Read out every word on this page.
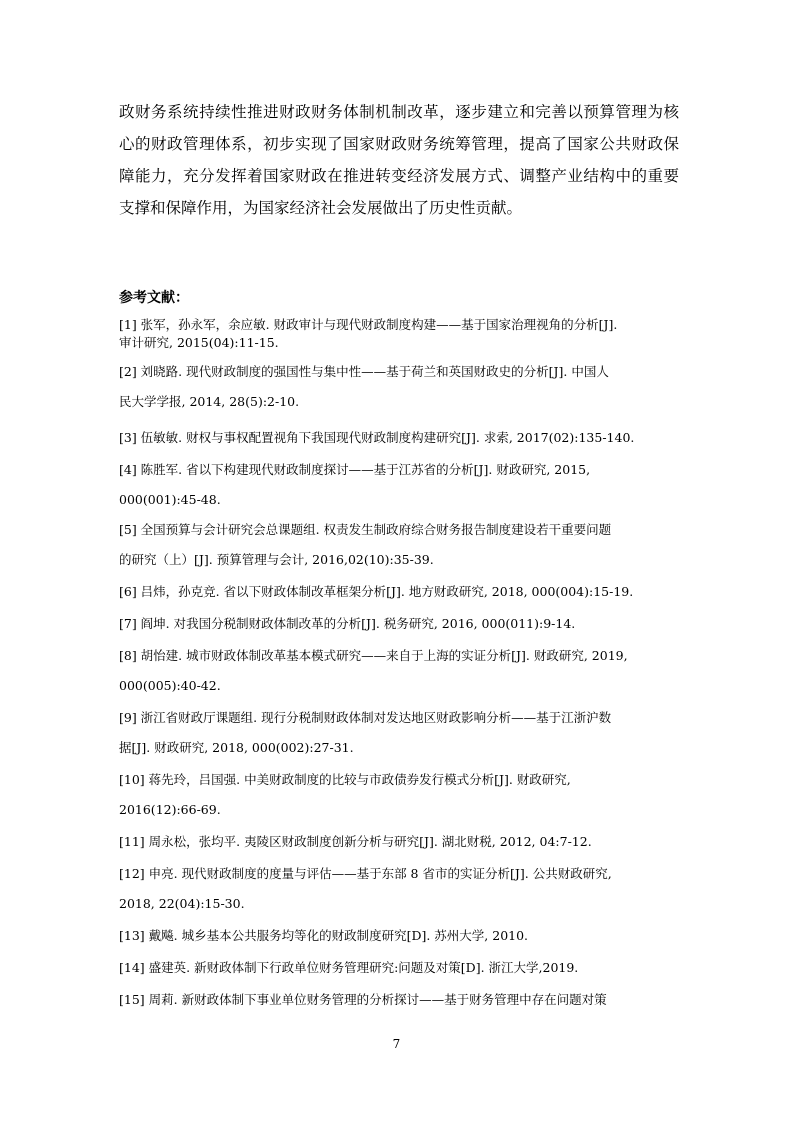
政财务系统持续性推进财政财务体制机制改革，逐步建立和完善以预算管理为核
心的财政管理体系，初步实现了国家财政财务统筹管理，提高了国家公共财政保
障能力，充分发挥着国家财政在推进转变经济发展方式、调整产业结构中的重要
支撑和保障作用，为国家经济社会发展做出了历史性贡献。
参考文献：
[1] 张军，孙永军，余应敏. 财政审计与现代财政制度构建——基于国家治理视角的分析[J].
审计研究, 2015(04):11-15.
[2] 刘晓路. 现代财政制度的强国性与集中性——基于荷兰和英国财政史的分析[J]. 中国人
民大学学报, 2014, 28(5):2-10.
[3] 伍敏敏. 财权与事权配置视角下我国现代财政制度构建研究[J]. 求索, 2017(02):135-140.
[4] 陈胜军. 省以下构建现代财政制度探讨——基于江苏省的分析[J]. 财政研究, 2015,
000(001):45-48.
[5] 全国预算与会计研究会总课题组. 权责发生制政府综合财务报告制度建设若干重要问题
的研究（上）[J]. 预算管理与会计, 2016,02(10):35-39.
[6] 吕炜，孙克竞. 省以下财政体制改革框架分析[J]. 地方财政研究, 2018, 000(004):15-19.
[7] 阎坤. 对我国分税制财政体制改革的分析[J]. 税务研究, 2016, 000(011):9-14.
[8] 胡怡建. 城市财政体制改革基本模式研究——来自于上海的实证分析[J]. 财政研究, 2019,
000(005):40-42.
[9] 浙江省财政厅课题组. 现行分税制财政体制对发达地区财政影响分析——基于江浙沪数
据[J]. 财政研究, 2018, 000(002):27-31.
[10] 蒋先玲，吕国强. 中美财政制度的比较与市政债券发行模式分析[J]. 财政研究,
2016(12):66-69.
[11] 周永松，张均平. 夷陵区财政制度创新分析与研究[J]. 湖北财税, 2012, 04:7-12.
[12] 申亮. 现代财政制度的度量与评估——基于东部 8 省市的实证分析[J]. 公共财政研究,
2018, 22(04):15-30.
[13] 戴飚. 城乡基本公共服务均等化的财政制度研究[D]. 苏州大学, 2010.
[14] 盛建英. 新财政体制下行政单位财务管理研究:问题及对策[D]. 浙江大学,2019.
[15] 周莉. 新财政体制下事业单位财务管理的分析探讨——基于财务管理中存在问题对策
7
